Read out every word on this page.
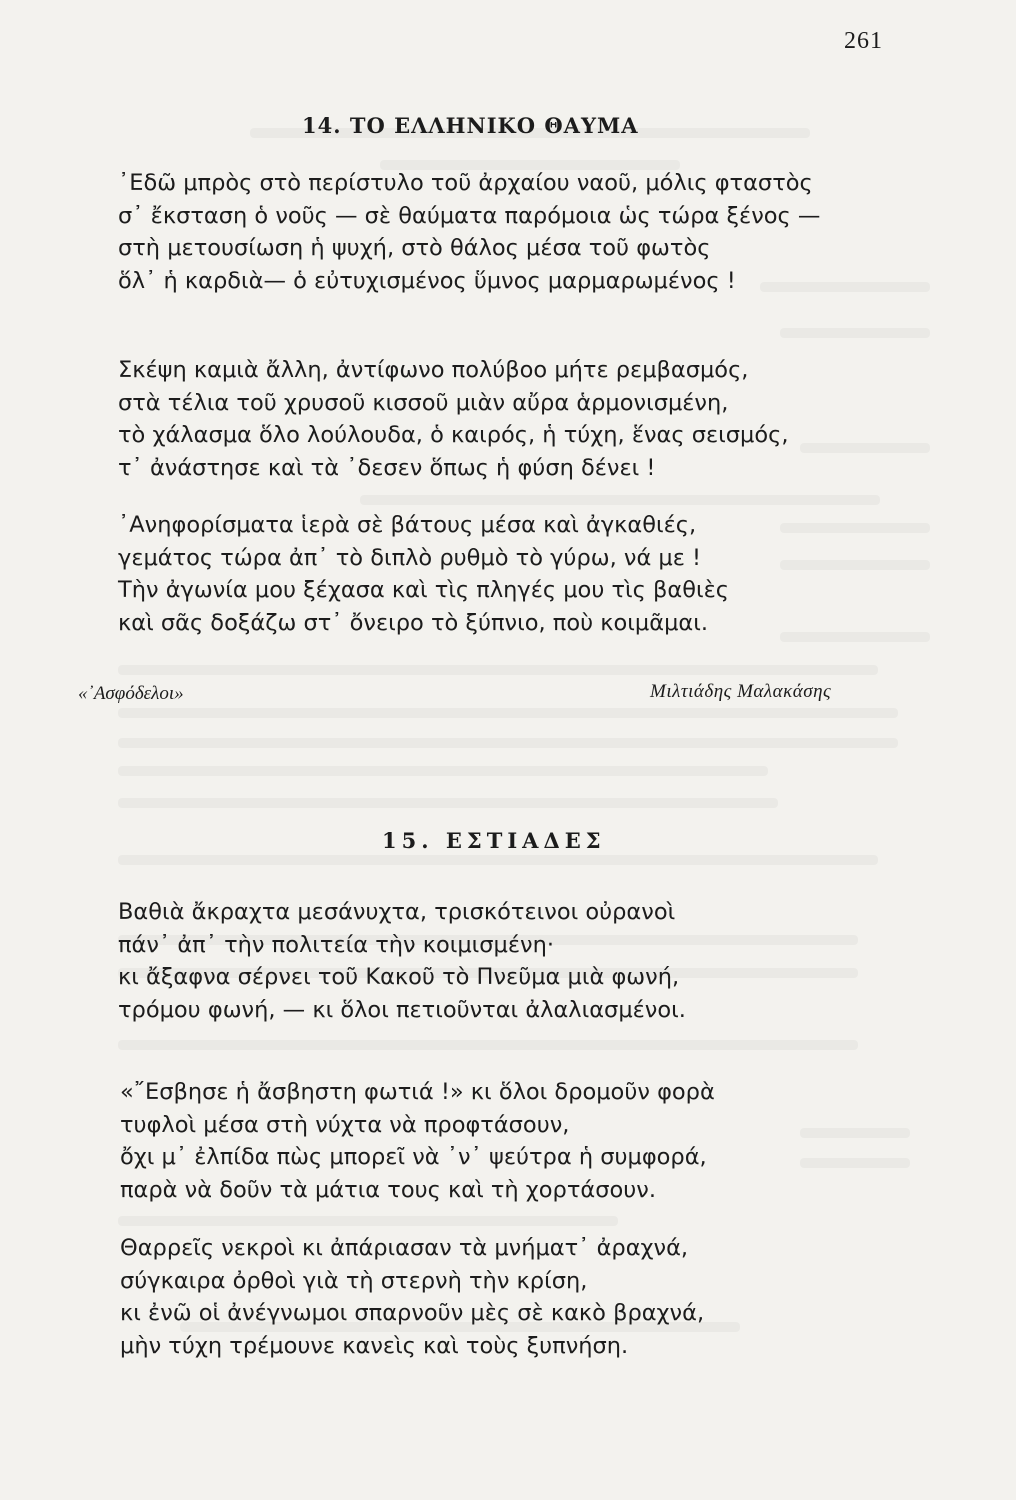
261
14. ΤΟ ΕΛΛΗΝΙΚΟ ΘΑΥΜΑ
᾿Εδῶ μπρὸς στὸ περίστυλο τοῦ ἀρχαίου ναοῦ, μόλις φταστὸς
σ᾿ ἔκσταση ὁ νοῦς — σὲ θαύματα παρόμοια ὡς τώρα ξένος —
στὴ μετουσίωση ἡ ψυχή, στὸ θάλος μέσα τοῦ φωτὸς
ὅλ᾿ ἡ καρδιὰ— ὁ εὐτυχισμένος ὕμνος μαρμαρωμένος !
Σκέψη καμιὰ ἄλλη, ἀντίφωνο πολύβοο μήτε ρεμβασμός,
στὰ τέλια τοῦ χρυσοῦ κισσοῦ μιὰν αὔρα ἁρμονισμένη,
τὸ χάλασμα ὅλο λούλουδα, ὁ καιρός, ἡ τύχη, ἕνας σεισμός,
τ᾿ ἀνάστησε καὶ τὰ ᾿δεσεν ὅπως ἡ φύση δένει !
᾿Ανηφορίσματα ἱερὰ σὲ βάτους μέσα καὶ ἀγκαθιές,
γεμάτος τώρα ἀπ᾿ τὸ διπλὸ ρυθμὸ τὸ γύρω, νά με !
Τὴν ἀγωνία μου ξέχασα καὶ τὶς πληγές μου τὶς βαθιὲς
καὶ σᾶς δοξάζω στ᾿ ὄνειρο τὸ ξύπνιο, ποὺ κοιμᾶμαι.
«᾿Ασφόδελοι»	Μιλτιάδης Μαλακάσης
15. ΕΣΤΙΑΔΕΣ
Βαθιὰ ἄκραχτα μεσάνυχτα, τρισκότεινοι οὐρανοὶ
πάν᾿ ἀπ᾿ τὴν πολιτεία τὴν κοιμισμένη·
κι ἄξαφνα σέρνει τοῦ Κακοῦ τὸ Πνεῦμα μιὰ φωνή,
τρόμου φωνή, — κι ὅλοι πετιοῦνται ἀλαλιασμένοι.
«῎Εσβησε ἡ ἄσβηστη φωτιά !» κι ὅλοι δρομοῦν φορὰ
τυφλοὶ μέσα στὴ νύχτα νὰ προφτάσουν,
ὄχι μ᾿ ἐλπίδα πὼς μπορεῖ νὰ ᾿ν᾿ ψεύτρα ἡ συμφορά,
παρὰ νὰ δοῦν τὰ μάτια τους καὶ τὴ χορτάσουν.
Θαρρεῖς νεκροὶ κι ἀπάριασαν τὰ μνήματ᾿ ἀραχνά,
σύγκαιρα ὀρθοὶ γιὰ τὴ στερνὴ τὴν κρίση,
κι ἐνῶ οἱ ἀνέγνωμοι σπαρνοῦν μὲς σὲ κακὸ βραχνά,
μὴν τύχη τρέμουνε κανεὶς καὶ τοὺς ξυπνήση.
